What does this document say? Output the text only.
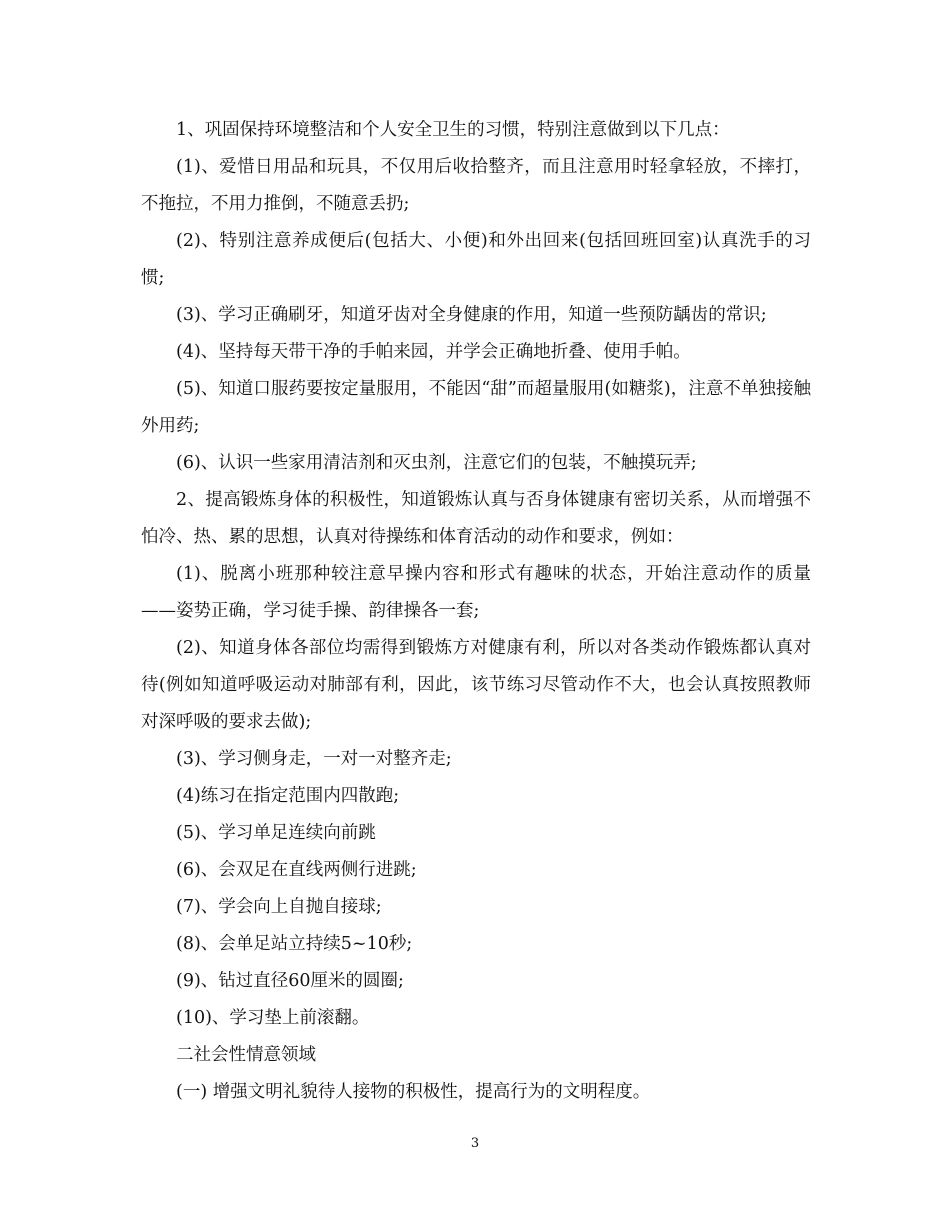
1、巩固保持环境整洁和个人安全卫生的习惯，特别注意做到以下几点：

(1)、爱惜日用品和玩具，不仅用后收拾整齐，而且注意用时轻拿轻放，不摔打，不拖拉，不用力推倒，不随意丢扔;

(2)、特别注意养成便后(包括大、小便)和外出回来(包括回班回室)认真洗手的习惯;

(3)、学习正确刷牙，知道牙齿对全身健康的作用，知道一些预防龋齿的常识;

(4)、坚持每天带干净的手帕来园，并学会正确地折叠、使用手帕。

(5)、知道口服药要按定量服用，不能因“甜”而超量服用(如糖浆)，注意不单独接触外用药;

(6)、认识一些家用清洁剂和灭虫剂，注意它们的包装，不触摸玩弄;

2、提高锻炼身体的积极性，知道锻炼认真与否身体键康有密切关系，从而增强不怕冷、热、累的思想，认真对待操练和体育活动的动作和要求，例如：

(1)、脱离小班那种较注意早操内容和形式有趣味的状态，开始注意动作的质量——姿势正确，学习徒手操、韵律操各一套;

(2)、知道身体各部位均需得到锻炼方对健康有利，所以对各类动作锻炼都认真对待(例如知道呼吸运动对肺部有利，因此，该节练习尽管动作不大，也会认真按照教师对深呼吸的要求去做);

(3)、学习侧身走，一对一对整齐走;

(4)练习在指定范围内四散跑;

(5)、学习单足连续向前跳

(6)、会双足在直线两侧行进跳;

(7)、学会向上自抛自接球;

(8)、会单足站立持续5~10秒;

(9)、钻过直径60厘米的圆圈;

(10)、学习垫上前滚翻。

二社会性情意领域

(一) 增强文明礼貌待人接物的积极性，提高行为的文明程度。

3
